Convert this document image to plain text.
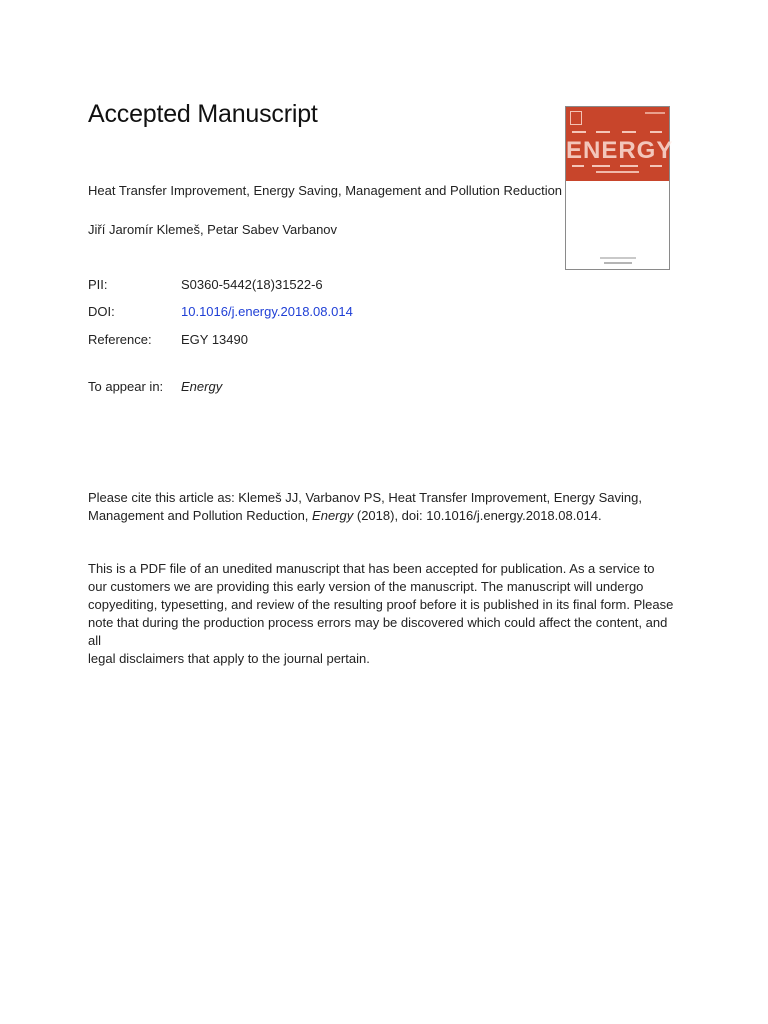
Accepted Manuscript
ENERGY
Heat Transfer Improvement, Energy Saving, Management and Pollution Reduction
Jiří Jaromír Klemeš, Petar Sabev Varbanov
PII:	S0360-5442(18)31522-6
DOI:	10.1016/j.energy.2018.08.014
Reference: EGY 13490
To appear in: Energy
Please cite this article as: Klemeš JJ, Varbanov PS, Heat Transfer Improvement, Energy Saving,
Management and Pollution Reduction, Energy (2018), doi: 10.1016/j.energy.2018.08.014.
This is a PDF file of an unedited manuscript that has been accepted for publication. As a service to
our customers we are providing this early version of the manuscript. The manuscript will undergo
copyediting, typesetting, and review of the resulting proof before it is published in its final form. Please
note that during the production process errors may be discovered which could affect the content, and all
legal disclaimers that apply to the journal pertain.
